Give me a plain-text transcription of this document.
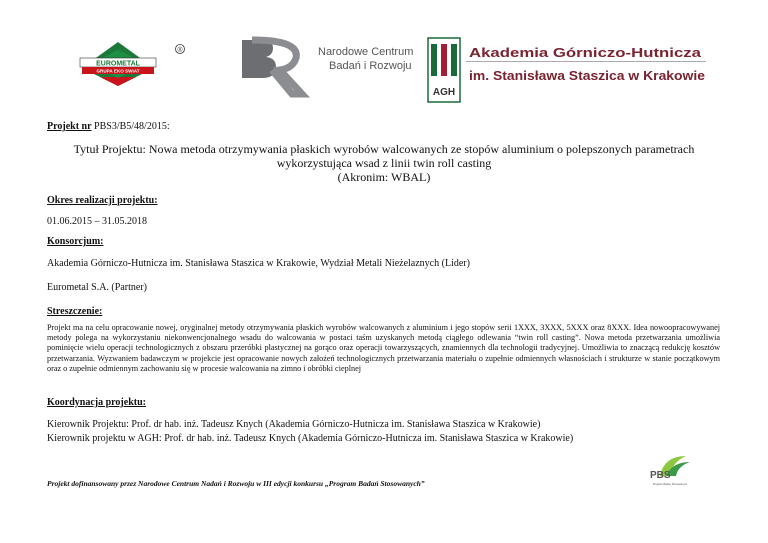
EUROMETAL
GRUPA EKO SWIAT
®	Narodowe Centrum
Badań i Rozwoju
AGH
Akademia Górniczo-Hutnicza
im. Stanisława Staszica w Krakowie
Projekt nr PBS3/B5/48/2015:
Tytuł Projektu: Nowa metoda otrzymywania płaskich wyrobów walcowanych ze stopów aluminium o polepszonych parametrach
wykorzystująca wsad z linii twin roll casting
(Akronim: WBAL)
Okres realizacji projektu:
01.06.2015 – 31.05.2018
Konsorcjum:
Akademia Górniczo-Hutnicza im. Stanisława Staszica w Krakowie, Wydział Metali Nieżelaznych (Lider)
Eurometal S.A. (Partner)
Streszczenie:
Projekt ma na celu opracowanie nowej, oryginalnej metody otrzymywania płaskich wyrobów walcowanych z aluminium i jego stopów serii 1XXX, 3XXX, 5XXX oraz 8XXX. Idea nowoopracowywanej metody polega na wykorzystaniu niekonwencjonalnego wsadu do walcowania w postaci taśm uzyskanych metodą ciągłego odlewania “twin roll casting”. Nowa metoda przetwarzania umożliwia pominięcie wielu operacji technologicznych z obszaru przeróbki plastycznej na gorąco oraz operacji towarzyszących, znamiennych dla technologii tradycyjnej. Umożliwia to znaczącą redukcję kosztów przetwarzania. Wyzwaniem badawczym w projekcie jest opracowanie nowych założeń technologicznych przetwarzania materiału o zupełnie odmiennych własnościach i strukturze w stanie początkowym oraz o zupełnie odmiennym zachowaniu się w procesie walcowania na zimno i obróbki cieplnej
Koordynacja projektu:
Kierownik Projektu: Prof. dr hab. inż. Tadeusz Knych (Akademia Górniczo-Hutnicza im. Stanisława Staszica w Krakowie)
Kierownik projektu w AGH: Prof. dr hab. inż. Tadeusz Knych (Akademia Górniczo-Hutnicza im. Stanisława Staszica w Krakowie)
PBS
Program Badań Stosowanych
Projekt dofinansowany przez Narodowe Centrum Nadań i Rozwoju w III edycji konkursu „Program Badań Stosowanych”
